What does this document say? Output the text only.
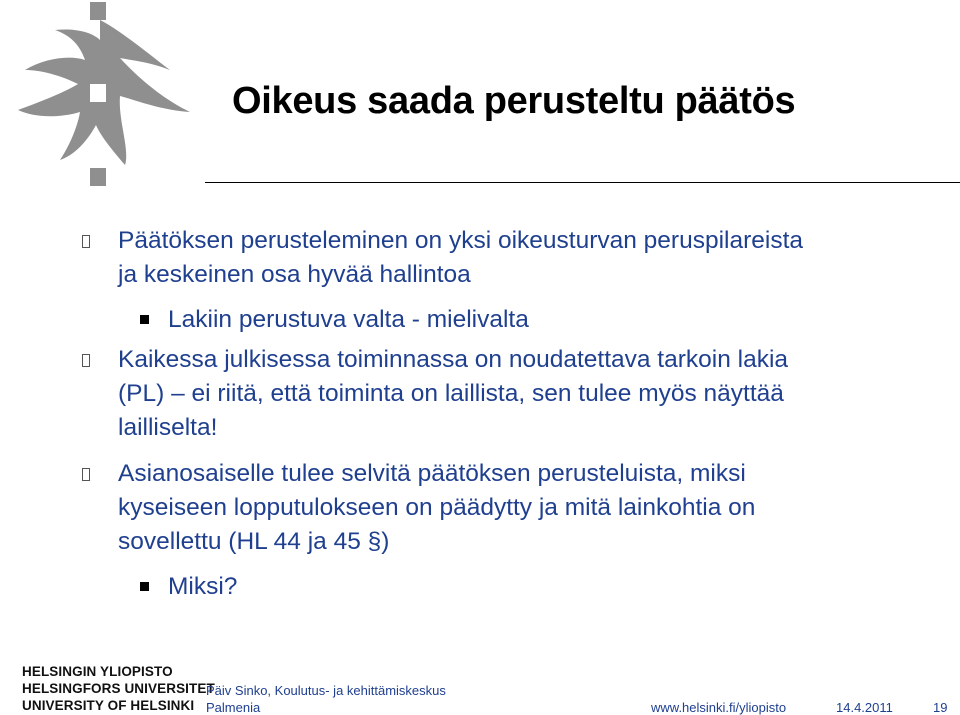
Oikeus saada perusteltu päätös
Päätöksen perusteleminen on yksi oikeusturvan peruspilareista
ja keskeinen osa hyvää hallintoa
Lakiin perustuva valta - mielivalta
Kaikessa julkisessa toiminnassa on noudatettava tarkoin lakia
(PL) – ei riitä, että toiminta on laillista, sen tulee myös näyttää
lailliselta!
Asianosaiselle tulee selvitä päätöksen perusteluista, miksi
kyseiseen lopputulokseen on päädytty ja mitä lainkohtia on
sovellettu (HL 44 ja 45 §)
Miksi?
HELSINGIN YLIOPISTO
HELSINGFORS UNIVERSITET
UNIVERSITY OF HELSINKI
Päiv Sinko, Koulutus- ja kehittämiskeskus
Palmenia	www.helsinki.fi/yliopisto	14.4.2011	19
